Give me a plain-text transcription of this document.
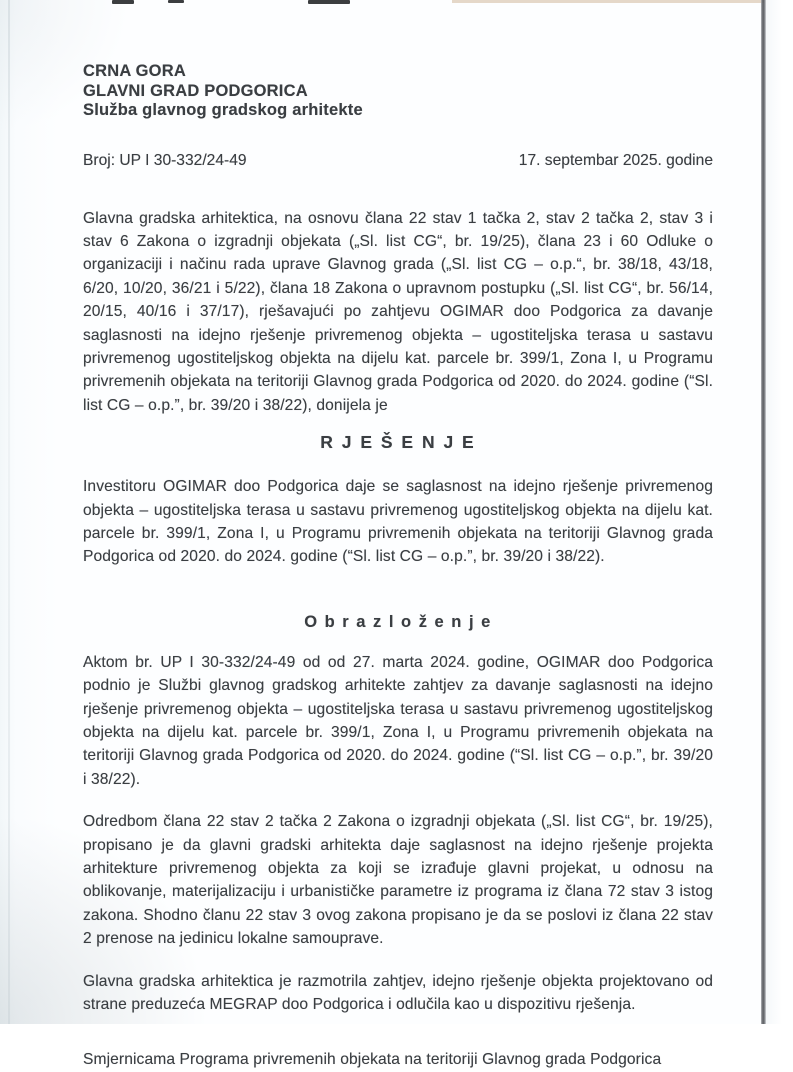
CRNA GORA
GLAVNI GRAD PODGORICA
Služba glavnog gradskog arhitekte
Broj: UP I 30-332/24-49	17. septembar 2025. godine

Glavna gradska arhitektica, na osnovu člana 22 stav 1 tačka 2, stav 2 tačka 2, stav 3 i stav 6 Zakona o izgradnji objekata („Sl. list CG“, br. 19/25), člana 23 i 60 Odluke o organizaciji i načinu rada uprave Glavnog grada („Sl. list CG – o.p.“, br. 38/18, 43/18, 6/20, 10/20, 36/21 i 5/22), člana 18 Zakona o upravnom postupku („Sl. list CG“, br. 56/14, 20/15, 40/16 i 37/17), rješavajući po zahtjevu OGIMAR doo Podgorica za davanje saglasnosti na idejno rješenje privremenog objekta – ugostiteljska terasa u sastavu privremenog ugostiteljskog objekta na dijelu kat. parcele br. 399/1, Zona I, u Programu privremenih objekata na teritoriji Glavnog grada Podgorica od 2020. do 2024. godine (“Sl. list CG – o.p.”, br. 39/20 i 38/22), donijela je

R J E Š E N J E

Investitoru OGIMAR doo Podgorica daje se saglasnost na idejno rješenje privremenog objekta – ugostiteljska terasa u sastavu privremenog ugostiteljskog objekta na dijelu kat. parcele br. 399/1, Zona I, u Programu privremenih objekata na teritoriji Glavnog grada Podgorica od 2020. do 2024. godine (“Sl. list CG – o.p.”, br. 39/20 i 38/22).

O b r a z l o ž e n j e

Aktom br. UP I 30-332/24-49 od od 27. marta 2024. godine, OGIMAR doo Podgorica podnio je Službi glavnog gradskog arhitekte zahtjev za davanje saglasnosti na idejno rješenje privremenog objekta – ugostiteljska terasa u sastavu privremenog ugostiteljskog objekta na dijelu kat. parcele br. 399/1, Zona I, u Programu privremenih objekata na teritoriji Glavnog grada Podgorica od 2020. do 2024. godine (“Sl. list CG – o.p.”, br. 39/20 i 38/22).

Odredbom člana 22 stav 2 tačka 2 Zakona o izgradnji objekata („Sl. list CG“, br. 19/25), propisano je da glavni gradski arhitekta daje saglasnost na idejno rješenje projekta arhitekture privremenog objekta za koji se izrađuje glavni projekat, u odnosu na oblikovanje, materijalizaciju i urbanističke parametre iz programa iz člana 72 stav 3 istog zakona. Shodno članu 22 stav 3 ovog zakona propisano je da se poslovi iz člana 22 stav 2 prenose na jedinicu lokalne samouprave.

Glavna gradska arhitektica je razmotrila zahtjev, idejno rješenje objekta projektovano od strane preduzeća MEGRAP doo Podgorica i odlučila kao u dispozitivu rješenja.

Smjernicama Programa privremenih objekata na teritoriji Glavnog grada Podgorica
